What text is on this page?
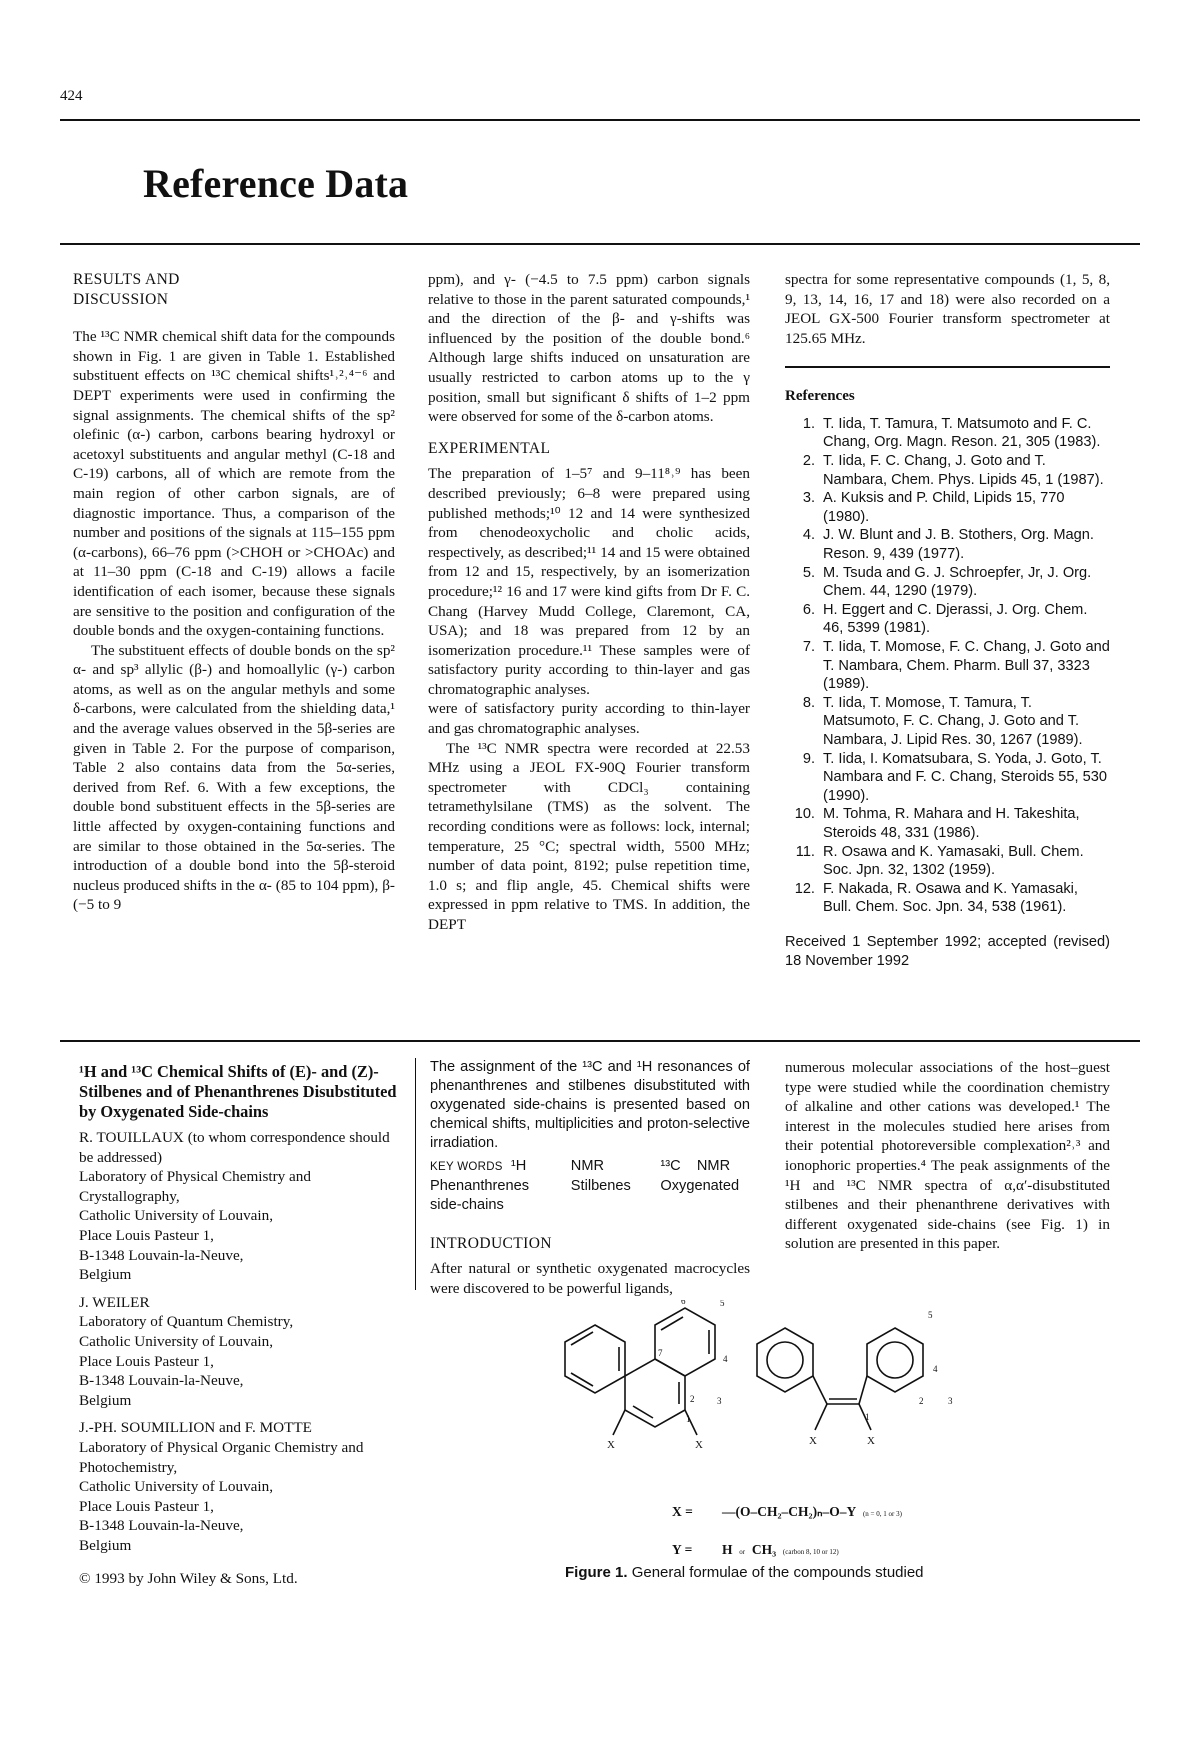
424
Reference Data
RESULTS AND DISCUSSION

The ¹³C NMR chemical shift data for the compounds shown in Fig. 1 are given in Table 1. Established substituent effects on ¹³C chemical shifts¹˒²˒⁴⁻⁶ and DEPT experiments were used in confirming the signal assignments. The chemical shifts of the sp² olefinic (α-) carbon, carbons bearing hydroxyl or acetoxyl substituents and angular methyl (C-18 and C-19) carbons, all of which are remote from the main region of other carbon signals, are of diagnostic importance. Thus, a comparison of the number and positions of the signals at 115–155 ppm (α-carbons), 66–76 ppm (>CHOH or >CHOAc) and at 11–30 ppm (C-18 and C-19) allows a facile identification of each isomer, because these signals are sensitive to the position and configuration of the double bonds and the oxygen-containing functions.

The substituent effects of double bonds on the sp² α- and sp³ allylic (β-) and homoallylic (γ-) carbon atoms, as well as on the angular methyls and some δ-carbons, were calculated from the shielding data,¹ and the average values observed in the 5β-series are given in Table 2. For the purpose of comparison, Table 2 also contains data from the 5α-series, derived from Ref. 6. With a few exceptions, the double bond substituent effects in the 5β-series are little affected by oxygen-containing functions and are similar to those obtained in the 5α-series. The introduction of a double bond into the 5β-steroid nucleus produced shifts in the α- (85 to 104 ppm), β- (−5 to 9

ppm), and γ- (−4.5 to 7.5 ppm) carbon signals relative to those in the parent saturated compounds,¹ and the direction of the β- and γ-shifts was influenced by the position of the double bond.⁶ Although large shifts induced on unsaturation are usually restricted to carbon atoms up to the γ position, small but significant δ shifts of 1–2 ppm were observed for some of the δ-carbon atoms.

EXPERIMENTAL

The preparation of 1–5⁷ and 9–11⁸˒⁹ has been described previously; 6–8 were prepared using published methods;¹⁰ 12 and 14 were synthesized from chenodeoxycholic and cholic acids, respectively, as described;¹¹ 14 and 15 were obtained from 12 and 15, respectively, by an isomerization procedure;¹² 16 and 17 were kind gifts from Dr F. C. Chang (Harvey Mudd College, Claremont, CA, USA); and 18 was prepared from 12 by an isomerization procedure.¹¹ These samples were of satisfactory purity according to thin-layer and gas chromatographic analyses.

were of satisfactory purity according to thin-layer and gas chromatographic analyses.

The ¹³C NMR spectra were recorded at 22.53 MHz using a JEOL FX-90Q Fourier transform spectrometer with CDCl₃ containing tetramethylsilane (TMS) as the solvent. The recording conditions were as follows: lock, internal; temperature, 25 °C; spectral width, 5500 MHz; number of data point, 8192; pulse repetition time, 1.0 s; and flip angle, 45. Chemical shifts were expressed in ppm relative to TMS. In addition, the DEPT

spectra for some representative compounds (1, 5, 8, 9, 13, 14, 16, 17 and 18) were also recorded on a JEOL GX-500 Fourier transform spectrometer at 125.65 MHz.

References
1. T. Iida, T. Tamura, T. Matsumoto and F. C. Chang, Org. Magn. Reson. 21, 305 (1983).
2. T. Iida, F. C. Chang, J. Goto and T. Nambara, Chem. Phys. Lipids 45, 1 (1987).
3. A. Kuksis and P. Child, Lipids 15, 770 (1980).
4. J. W. Blunt and J. B. Stothers, Org. Magn. Reson. 9, 439 (1977).
5. M. Tsuda and G. J. Schroepfer, Jr, J. Org. Chem. 44, 1290 (1979).
6. H. Eggert and C. Djerassi, J. Org. Chem. 46, 5399 (1981).
7. T. Iida, T. Momose, F. C. Chang, J. Goto and T. Nambara, Chem. Pharm. Bull 37, 3323 (1989).
8. T. Iida, T. Momose, T. Tamura, T. Matsumoto, F. C. Chang, J. Goto and T. Nambara, J. Lipid Res. 30, 1267 (1989).
9. T. Iida, I. Komatsubara, S. Yoda, J. Goto, T. Nambara and F. C. Chang, Steroids 55, 530 (1990).
10. M. Tohma, R. Mahara and H. Takeshita, Steroids 48, 331 (1986).
11. R. Osawa and K. Yamasaki, Bull. Chem. Soc. Jpn. 32, 1302 (1959).
12. F. Nakada, R. Osawa and K. Yamasaki, Bull. Chem. Soc. Jpn. 34, 538 (1961).
Received 1 September 1992; accepted (revised) 18 November 1992
¹H and ¹³C Chemical Shifts of (E)- and (Z)-Stilbenes and of Phenanthrenes Disubstituted by Oxygenated Side-chains
R. TOUILLAUX (to whom correspondence should be addressed)
Laboratory of Physical Chemistry and Crystallography,
Catholic University of Louvain,
Place Louis Pasteur 1,
B-1348 Louvain-la-Neuve,
Belgium
J. WEILER
Laboratory of Quantum Chemistry,
Catholic University of Louvain,
Place Louis Pasteur 1,
B-1348 Louvain-la-Neuve,
Belgium
J.-PH. SOUMILLION and F. MOTTE
Laboratory of Physical Organic Chemistry and Photochemistry,
Catholic University of Louvain,
Place Louis Pasteur 1,
B-1348 Louvain-la-Neuve,
Belgium
© 1993 by John Wiley & Sons, Ltd.
The assignment of the ¹³C and ¹H resonances of phenanthrenes and stilbenes disubstituted with oxygenated side-chains is presented based on chemical shifts, multiplicities and proton-selective irradiation.
KEY WORDS ¹H	NMR	¹³C NMR
Phenanthrenes	Stilbenes	Oxygenated
side-chains
INTRODUCTION

After natural or synthetic oxygenated macrocycles were discovered to be powerful ligands,

numerous molecular associations of the host–guest type were studied while the coordination chemistry of alkaline and other cations was developed.¹ The interest in the molecules studied here arises from their potential photoreversible complexation²˒³ and ionophoric properties.⁴ The peak assignments of the ¹H and ¹³C NMR spectra of α,α′-disubstituted stilbenes and their phenanthrene derivatives with different oxygenated side-chains (see Fig. 1) in solution are presented in this paper.

6	5
4
7
2	3
1
5
4
2	3
1
X	X	X	X
X = —(O–CH₂–CH₂)ₙ–O–Y (n = 0, 1 or 3)
Y = H or CH₃ (carbon 8, 10 or 12)
Figure 1. General formulae of the compounds studied
